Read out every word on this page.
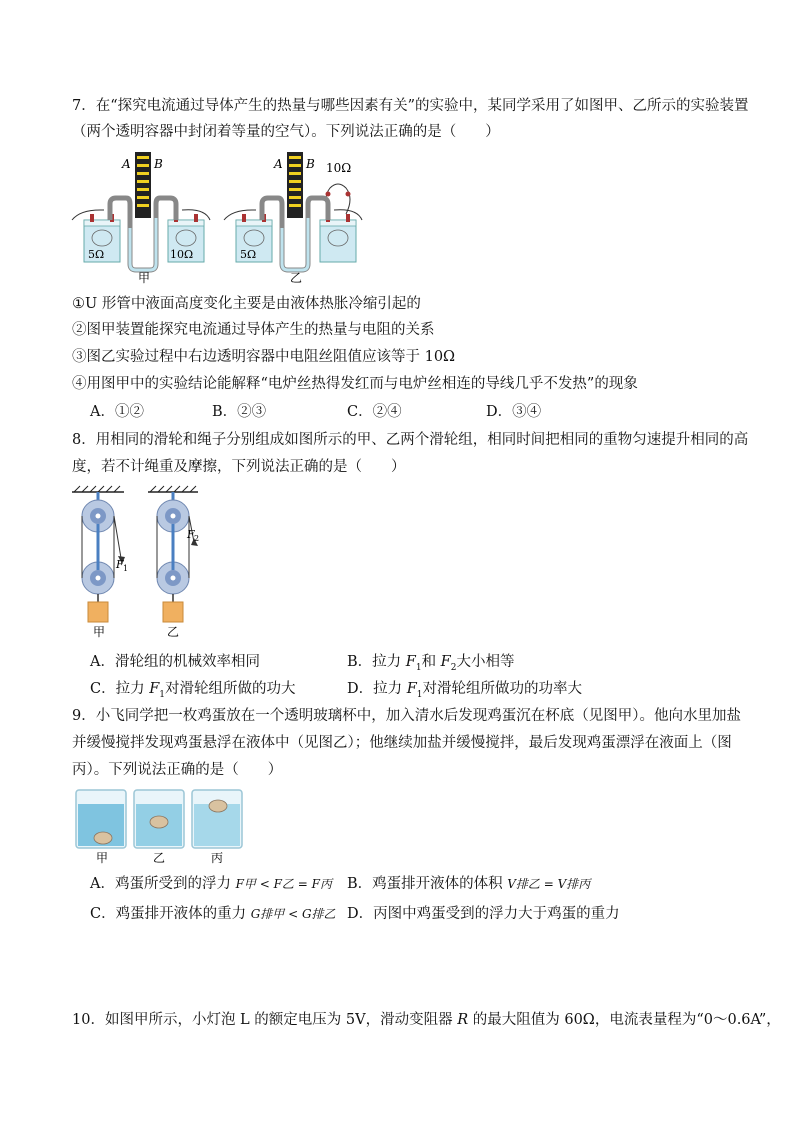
7．在“探究电流通过导体产生的热量与哪些因素有关”的实验中，某同学采用了如图甲、乙所示的实验装置
（两个透明容器中封闭着等量的空气）。下列说法正确的是（　　）
A B
5Ω	10Ω
甲
A B 10Ω
5Ω
乙
①U 形管中液面高度变化主要是由液体热胀冷缩引起的
②图甲装置能探究电流通过导体产生的热量与电阻的关系
③图乙实验过程中右边透明容器中电阻丝阻值应该等于 10Ω
④用图甲中的实验结论能解释“电炉丝热得发红而与电炉丝相连的导线几乎不发热”的现象
A．①②	B．②③	C．②④	D．③④
8．用相同的滑轮和绳子分别组成如图所示的甲、乙两个滑轮组，相同时间把相同的重物匀速提升相同的高
度，若不计绳重及摩擦，下列说法正确的是（　　）
F 1
甲
F 2
乙
A．滑轮组的机械效率相同	B．拉力 $F_1$和 $F_2$大小相等
C．拉力 $F_1$对滑轮组所做的功大	D．拉力 $F_1$对滑轮组所做功的功率大
9．小飞同学把一枚鸡蛋放在一个透明玻璃杯中，加入清水后发现鸡蛋沉在杯底（见图甲）。他向水里加盐
并缓慢搅拌发现鸡蛋悬浮在液体中（见图乙）；他继续加盐并缓慢搅拌，最后发现鸡蛋漂浮在液面上（图
丙）。下列说法正确的是（　　）
甲	乙	丙
A．鸡蛋所受到的浮力 F甲 < F乙 = F丙 B．鸡蛋排开液体的体积 V排乙 = V排丙
C．鸡蛋排开液体的重力 G排甲 < G排乙 D．丙图中鸡蛋受到的浮力大于鸡蛋的重力
10．如图甲所示，小灯泡 L 的额定电压为 5V，滑动变阻器 R 的最大阻值为 60Ω，电流表量程为“0～0.6A”，
